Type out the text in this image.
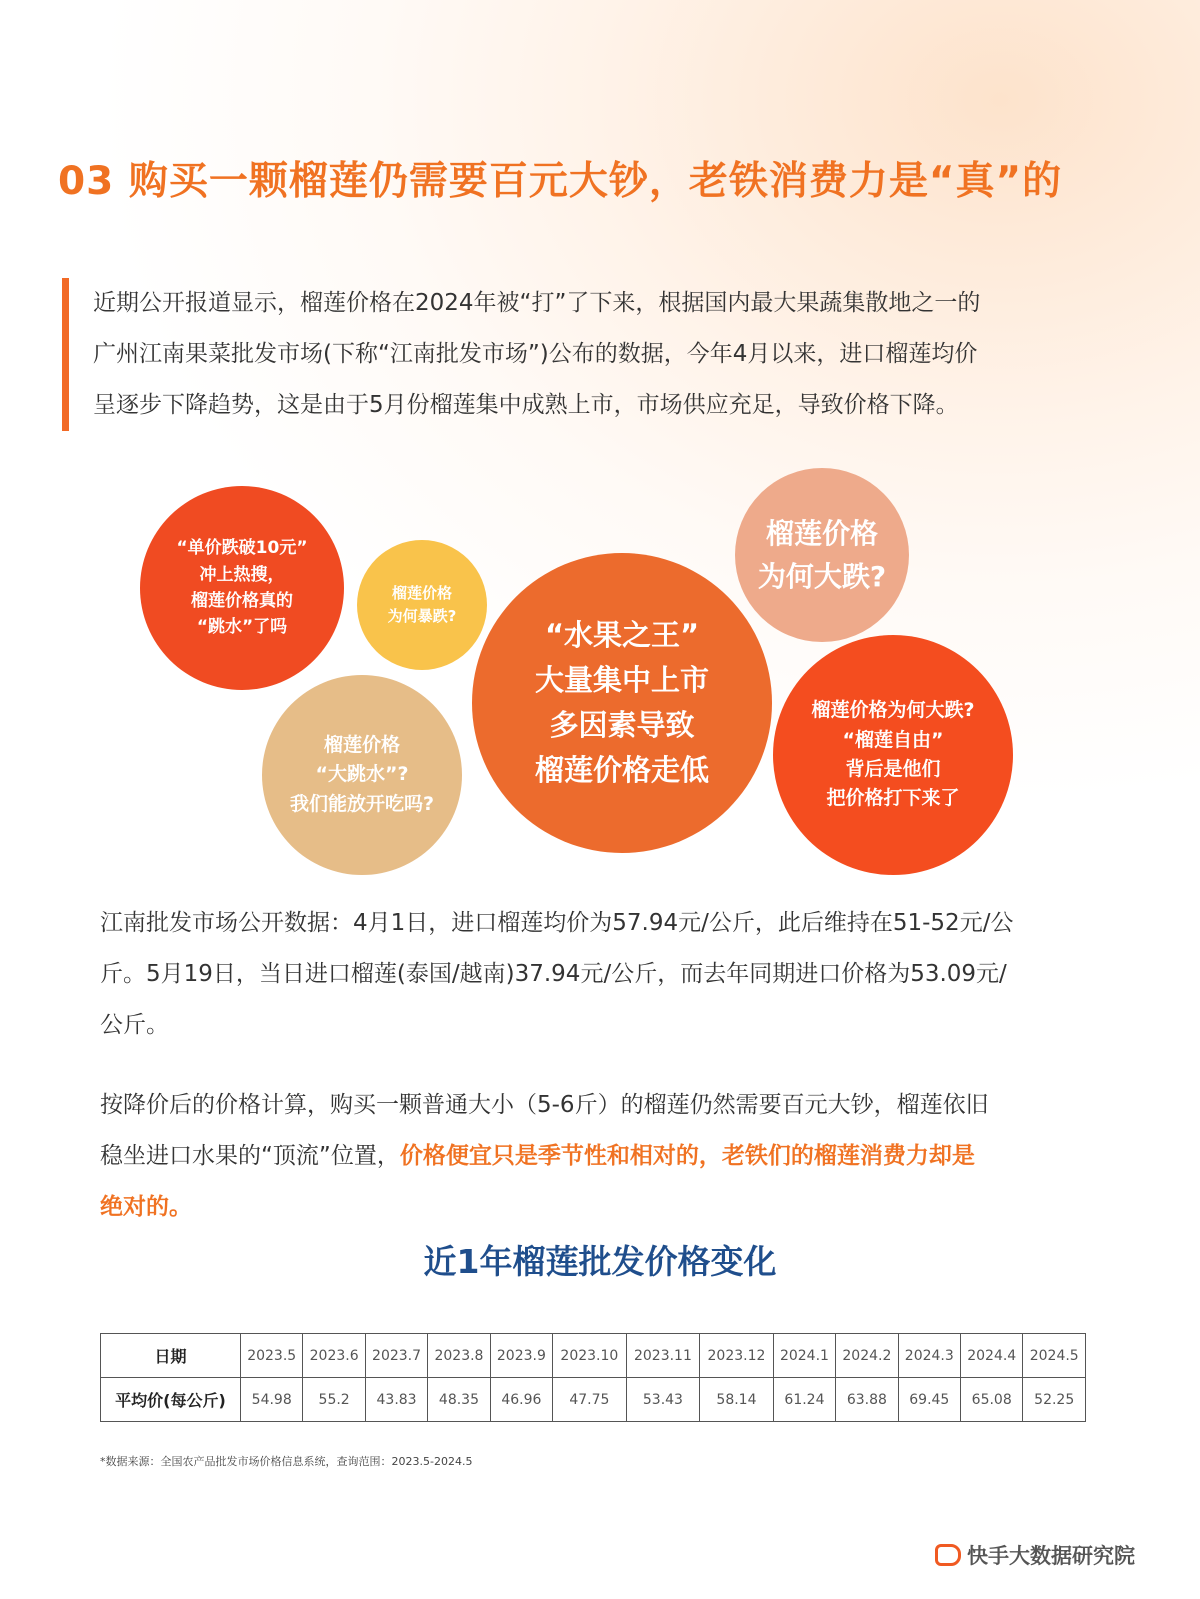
03 购买一颗榴莲仍需要百元大钞，老铁消费力是“真”的
近期公开报道显示，榴莲价格在2024年被“打”了下来，根据国内最大果蔬集散地之一的
广州江南果菜批发市场(下称“江南批发市场”)公布的数据，今年4月以来，进口榴莲均价
呈逐步下降趋势，这是由于5月份榴莲集中成熟上市，市场供应充足，导致价格下降。
“单价跌破10元”
冲上热搜，
榴莲价格真的
“跳水”了吗
榴莲价格
为何暴跌?
“水果之王”
大量集中上市
多因素导致
榴莲价格走低
榴莲价格
为何大跌?
榴莲价格
“大跳水”?
我们能放开吃吗?
榴莲价格为何大跌?
“榴莲自由”
背后是他们
把价格打下来了
江南批发市场公开数据：4月1日，进口榴莲均价为57.94元/公斤，此后维持在51-52元/公
斤。5月19日，当日进口榴莲(泰国/越南)37.94元/公斤，而去年同期进口价格为53.09元/
公斤。
按降价后的价格计算，购买一颗普通大小（5-6斤）的榴莲仍然需要百元大钞，榴莲依旧
稳坐进口水果的“顶流”位置，价格便宜只是季节性和相对的，老铁们的榴莲消费力却是
绝对的。
近1年榴莲批发价格变化
日期	2023.5	2023.6	2023.7	2023.8	2023.9	2023.10	2023.11	2023.12	2024.1	2024.2	2024.3	2024.4	2024.5
平均价(每公斤)	54.98	55.2	43.83	48.35	46.96	47.75	53.43	58.14	61.24	63.88	69.45	65.08	52.25
*数据来源：全国农产品批发市场价格信息系统，查询范围：2023.5-2024.5
快手大数据研究院
